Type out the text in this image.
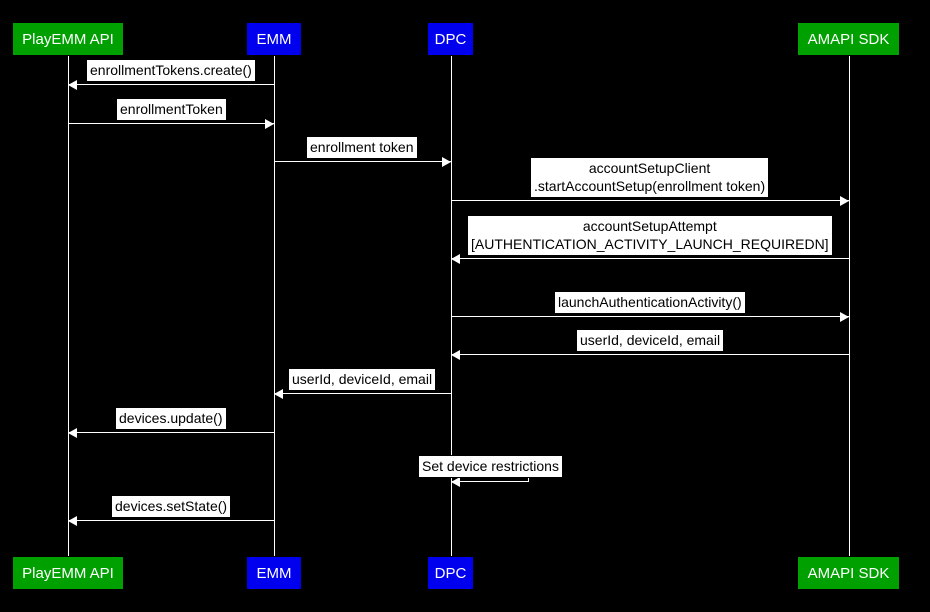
PlayEMM API
PlayEMM API
EMM
EMM
DPC
DPC
AMAPI SDK
AMAPI SDK
enrollmentTokens.create()
enrollmentToken
enrollment token
accountSetupClient
.startAccountSetup(enrollment token)
accountSetupAttempt
[AUTHENTICATION_ACTIVITY_LAUNCH_REQUIREDN]
launchAuthenticationActivity()
userId, deviceId, email
userId, deviceId, email
devices.update()
Set device restrictions
devices.setState()
